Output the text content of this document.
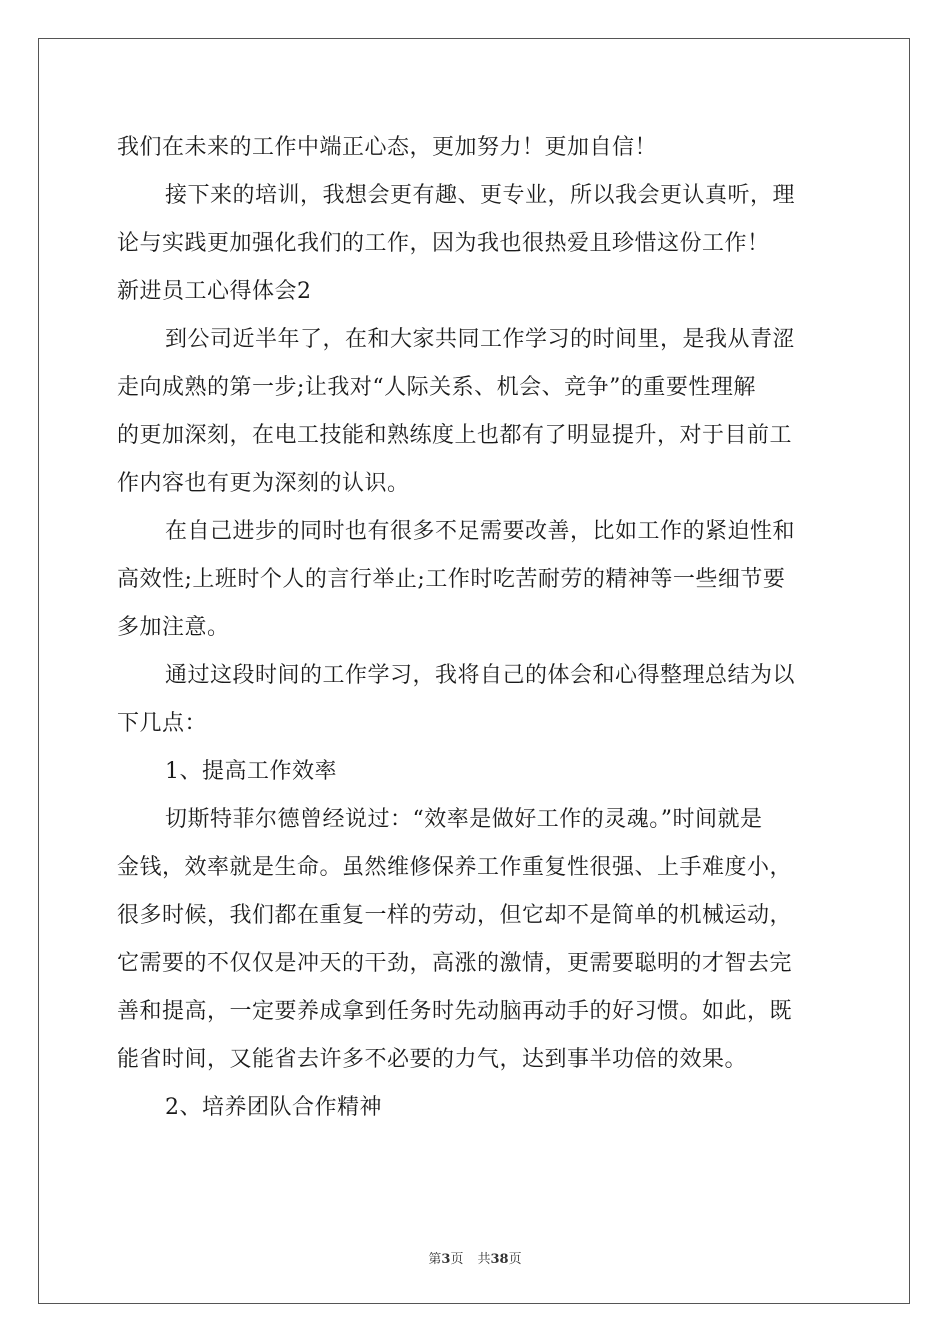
我们在未来的工作中端正心态，更加努力！更加自信！
接下来的培训，我想会更有趣、更专业，所以我会更认真听，理
论与实践更加强化我们的工作，因为我也很热爱且珍惜这份工作！
新进员工心得体会2
到公司近半年了，在和大家共同工作学习的时间里，是我从青涩
走向成熟的第一步;让我对“人际关系、机会、竞争”的重要性理解
的更加深刻，在电工技能和熟练度上也都有了明显提升，对于目前工
作内容也有更为深刻的认识。
在自己进步的同时也有很多不足需要改善，比如工作的紧迫性和
高效性;上班时个人的言行举止;工作时吃苦耐劳的精神等一些细节要
多加注意。
通过这段时间的工作学习，我将自己的体会和心得整理总结为以
下几点：
1、提高工作效率
切斯特菲尔德曾经说过：“效率是做好工作的灵魂。”时间就是
金钱，效率就是生命。虽然维修保养工作重复性很强、上手难度小，
很多时候，我们都在重复一样的劳动，但它却不是简单的机械运动，
它需要的不仅仅是冲天的干劲，高涨的激情，更需要聪明的才智去完
善和提高，一定要养成拿到任务时先动脑再动手的好习惯。如此，既
能省时间，又能省去许多不必要的力气，达到事半功倍的效果。
2、培养团队合作精神
第3页 共38页
